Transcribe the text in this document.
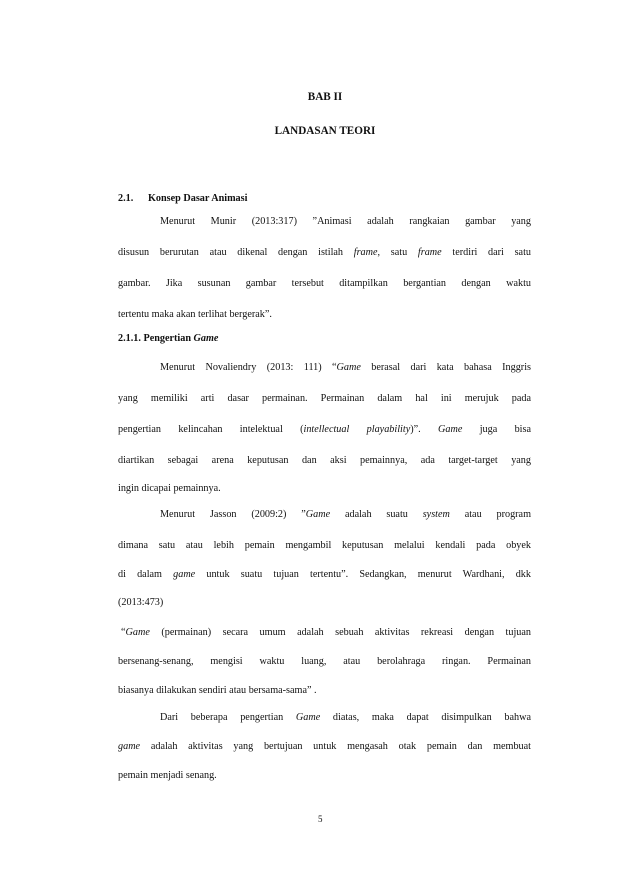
BAB II
LANDASAN TEORI
2.1. Konsep Dasar Animasi
Menurut Munir (2013:317) ”Animasi adalah rangkaian gambar yang
disusun berurutan atau dikenal dengan istilah frame, satu frame terdiri dari satu
gambar. Jika susunan gambar tersebut ditampilkan bergantian dengan waktu
tertentu maka akan terlihat bergerak”.
2.1.1. Pengertian Game
Menurut Novaliendry (2013: 111) “Game berasal dari kata bahasa Inggris
yang memiliki arti dasar permainan. Permainan dalam hal ini merujuk pada
pengertian kelincahan intelektual (intellectual playability)”. Game juga bisa
diartikan sebagai arena keputusan dan aksi pemainnya, ada target-target yang
ingin dicapai pemainnya.
Menurut Jasson (2009:2) ”Game adalah suatu system atau program
dimana satu atau lebih pemain mengambil keputusan melalui kendali pada obyek
di dalam game untuk suatu tujuan tertentu”. Sedangkan, menurut Wardhani, dkk
(2013:473)
“Game (permainan) secara umum adalah sebuah aktivitas rekreasi dengan tujuan
bersenang-senang, mengisi waktu luang, atau berolahraga ringan. Permainan
biasanya dilakukan sendiri atau bersama-sama” .
Dari beberapa pengertian Game diatas, maka dapat disimpulkan bahwa
game adalah aktivitas yang bertujuan untuk mengasah otak pemain dan membuat
pemain menjadi senang.
5
